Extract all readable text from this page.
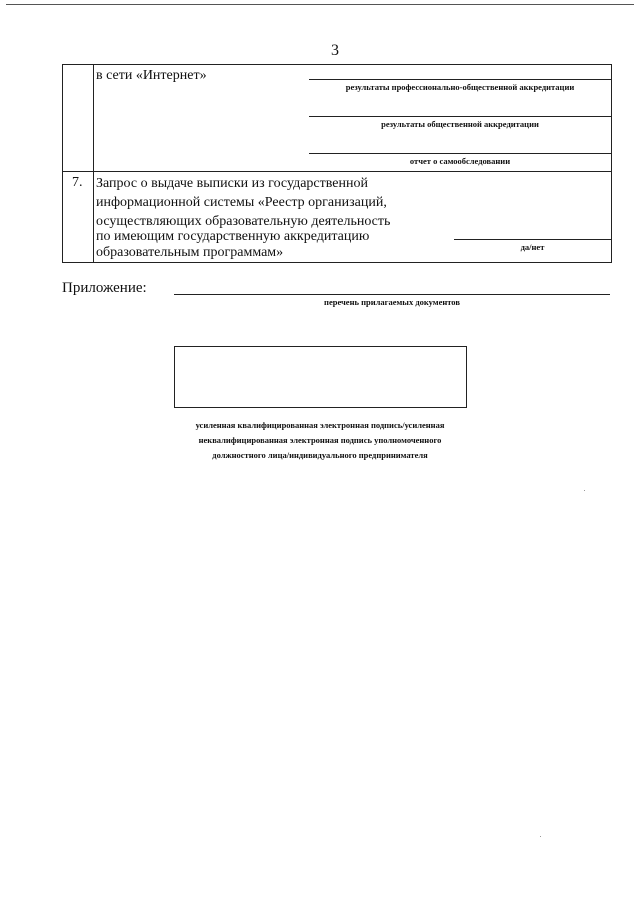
3
в сети «Интернет»
результаты профессионально-общественной аккредитации
результаты общественной аккредитации
отчет о самообследовании
7. Запрос о выдаче выписки из государственной
информационной системы «Реестр организаций,
осуществляющих образовательную деятельность
по имеющим государственную аккредитацию
образовательным программам»	да/нет
Приложение:
перечень прилагаемых документов
усиленная квалифицированная электронная подпись/усиленная
неквалифицированная электронная подпись уполномоченного
должностного лица/индивидуального предпринимателя
